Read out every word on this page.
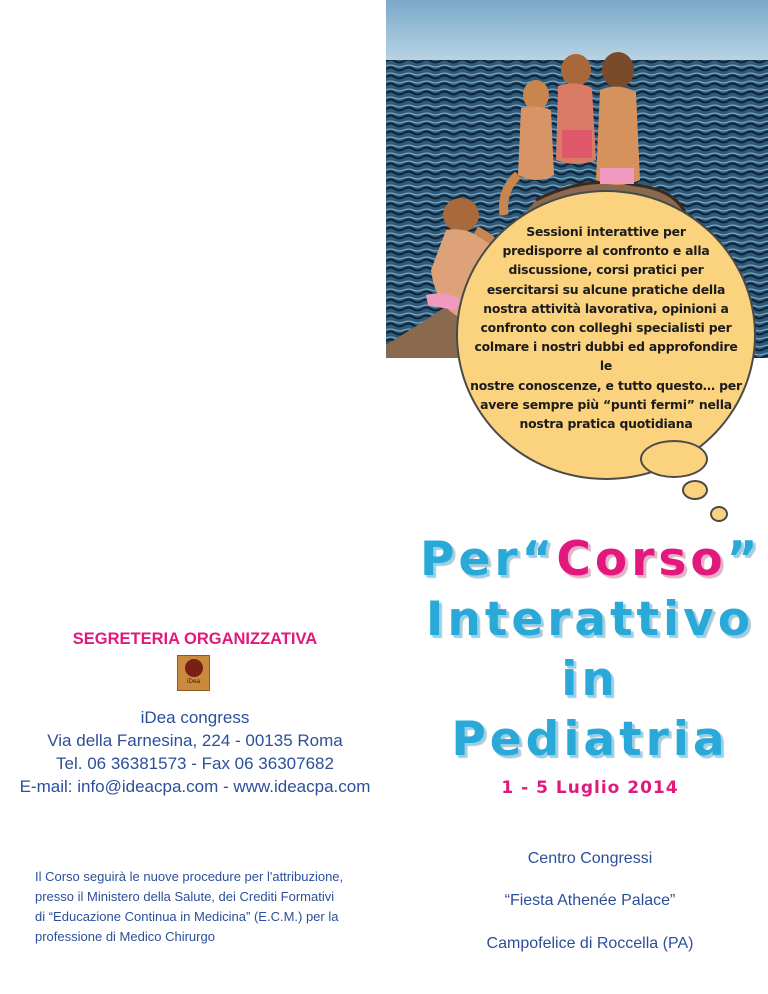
Sessioni interattive per
predisporre al confronto e alla
discussione, corsi pratici per
esercitarsi su alcune pratiche della
nostra attività lavorativa, opinioni a
confronto con colleghi specialisti per
colmare i nostri dubbi ed approfondire le
nostre conoscenze, e tutto questo… per
avere sempre più “punti fermi” nella
nostra pratica quotidiana
Per“Corso”
Interattivo
in Pediatria
1 - 5 Luglio 2014
Centro Congressi
“Fiesta Athenée Palace”
Campofelice di Roccella (PA)
SEGRETERIA ORGANIZZATIVA
iDea
iDea congress
Via della Farnesina, 224 - 00135 Roma
Tel. 06 36381573 - Fax 06 36307682
E-mail: info@ideacpa.com - www.ideacpa.com
Il Corso seguirà le nuove procedure per l'attribuzione,
presso il Ministero della Salute, dei Crediti Formativi
di “Educazione Continua in Medicina” (E.C.M.) per la
professione di Medico Chirurgo
